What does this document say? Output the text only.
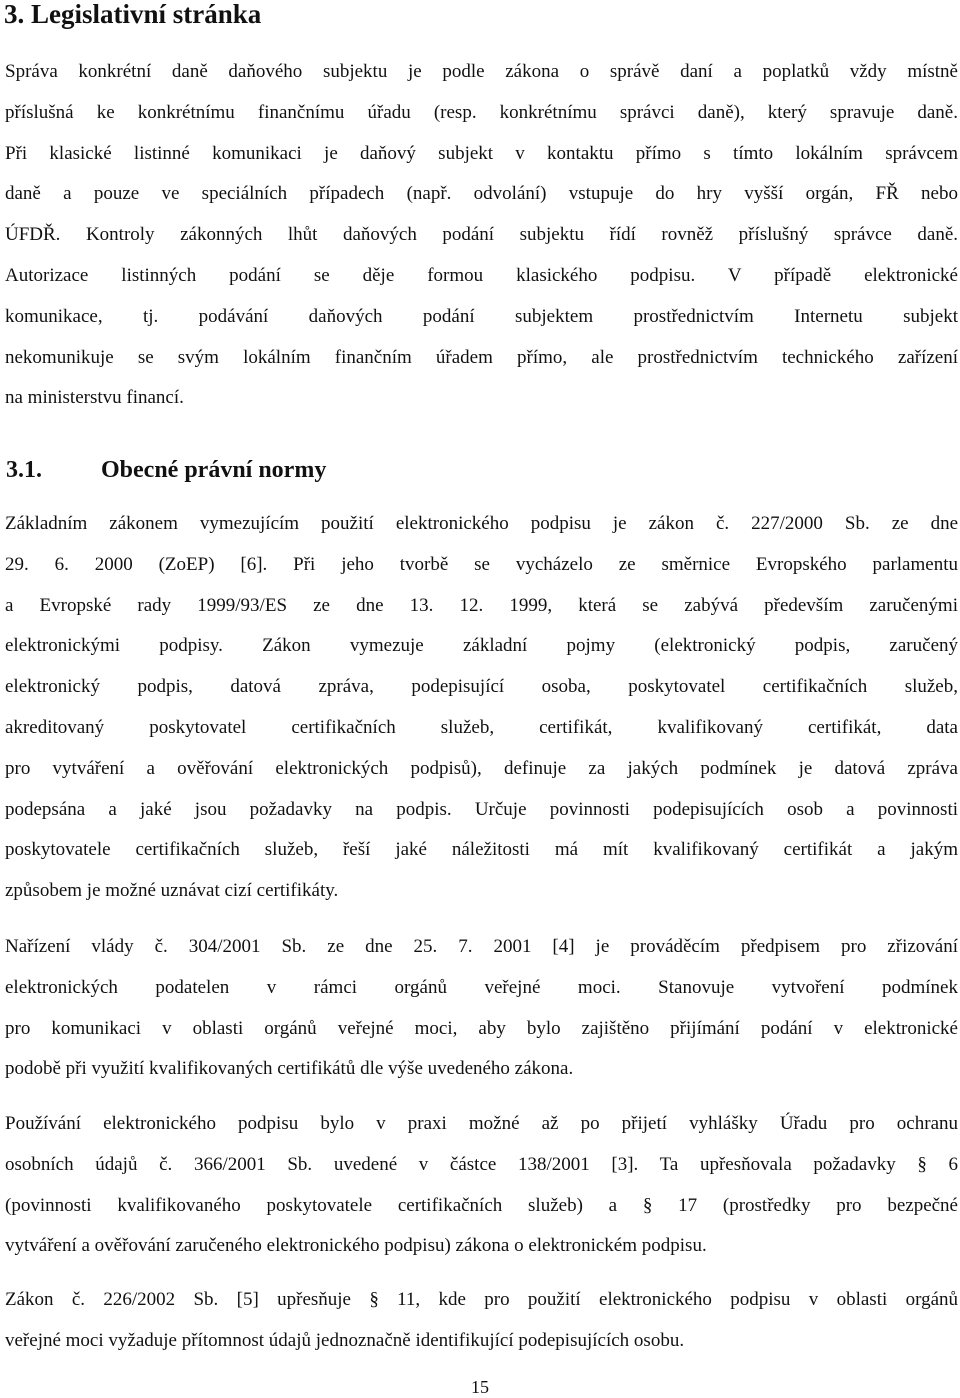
3. Legislativní stránka
Správa konkrétní daně daňového subjektu je podle zákona o správě daní a poplatků vždy místně
příslušná ke konkrétnímu finančnímu úřadu (resp. konkrétnímu správci daně), který spravuje daně.
Při klasické listinné komunikaci je daňový subjekt v kontaktu přímo s tímto lokálním správcem
daně a pouze ve speciálních případech (např. odvolání) vstupuje do hry vyšší orgán, FŘ nebo
ÚFDŘ. Kontroly zákonných lhůt daňových podání subjektu řídí rovněž příslušný správce daně.
Autorizace listinných podání se děje formou klasického podpisu. V případě elektronické
komunikace, tj. podávání daňových podání subjektem prostřednictvím Internetu subjekt
nekomunikuje se svým lokálním finančním úřadem přímo, ale prostřednictvím technického zařízení
na ministerstvu financí.
3.1. Obecné právní normy
Základním zákonem vymezujícím použití elektronického podpisu je zákon č. 227/2000 Sb. ze dne
29. 6. 2000 (ZoEP) [6]. Při jeho tvorbě se vycházelo ze směrnice Evropského parlamentu
a Evropské rady 1999/93/ES ze dne 13. 12. 1999, která se zabývá především zaručenými
elektronickými podpisy. Zákon vymezuje základní pojmy (elektronický podpis, zaručený
elektronický podpis, datová zpráva, podepisující osoba, poskytovatel certifikačních služeb,
akreditovaný poskytovatel certifikačních služeb, certifikát, kvalifikovaný certifikát, data
pro vytváření a ověřování elektronických podpisů), definuje za jakých podmínek je datová zpráva
podepsána a jaké jsou požadavky na podpis. Určuje povinnosti podepisujících osob a povinnosti
poskytovatele certifikačních služeb, řeší jaké náležitosti má mít kvalifikovaný certifikát a jakým
způsobem je možné uznávat cizí certifikáty.
Nařízení vlády č. 304/2001 Sb. ze dne 25. 7. 2001 [4] je prováděcím předpisem pro zřizování
elektronických podatelen v rámci orgánů veřejné moci. Stanovuje vytvoření podmínek
pro komunikaci v oblasti orgánů veřejné moci, aby bylo zajištěno přijímání podání v elektronické
podobě při využití kvalifikovaných certifikátů dle výše uvedeného zákona.
Používání elektronického podpisu bylo v praxi možné až po přijetí vyhlášky Úřadu pro ochranu
osobních údajů č. 366/2001 Sb. uvedené v částce 138/2001 [3]. Ta upřesňovala požadavky § 6
(povinnosti kvalifikovaného poskytovatele certifikačních služeb) a § 17 (prostředky pro bezpečné
vytváření a ověřování zaručeného elektronického podpisu) zákona o elektronickém podpisu.
Zákon č. 226/2002 Sb. [5] upřesňuje § 11, kde pro použití elektronického podpisu v oblasti orgánů
veřejné moci vyžaduje přítomnost údajů jednoznačně identifikující podepisujících osobu.
15
